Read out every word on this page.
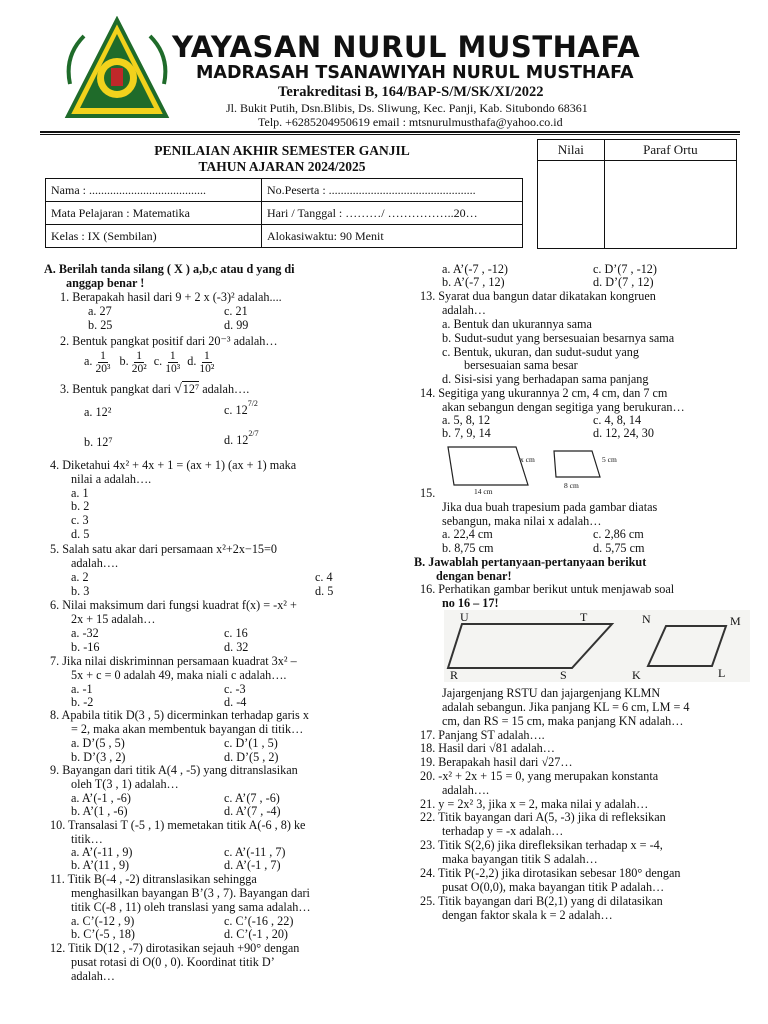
YAYASAN NURUL MUSTHAFA
MADRASAH TSANAWIYAH NURUL MUSTHAFA
Terakreditasi B, 164/BAP-S/M/SK/XI/2022
Jl. Bukit Putih, Dsn.Blibis, Ds. Sliwung, Kec. Panji, Kab. Situbondo 68361
Telp. +6285204950619 email : mtsnurulmusthafa@yahoo.co.id
PENILAIAN AKHIR SEMESTER GANJIL
TAHUN AJARAN 2024/2025
Nama : .......................................	No.Peserta : .................................................
Mata Pelajaran : Matematika	Hari / Tanggal : ………/ ……………..20…
Kelas : IX (Sembilan)	Alokasiwaktu: 90 Menit
Nilai	Paraf Ortu

A. Berilah tanda silang ( X ) a,b,c atau d yang di
anggap benar !
1. Berapakah hasil dari 9 + 2 x (-3)² adalah....
a. 27	c. 21
b. 25	d. 99
2. Bentuk pangkat positif dari 20⁻³ adalah…
a. $\frac{1}{\text{20³}} b$. $\frac{1}{\text{20²}} c$. $\frac{1}{\text{10³}} d$. $\frac{1}{\text{10²}}$
3. Bentuk pangkat dari √12⁷ adalah….
a. 12²	c. $12^{7/2}$
b. 12⁷	d. $12^{2/7}$
4. Diketahui 4x² + 4x + 1 = (ax + 1) (ax + 1) maka
nilai a adalah….
a. 1
b. 2
c. 3
d. 5
5. Salah satu akar dari persamaan x²+2x−15=0
adalah….
a. 2	c. 4
b. 3	d. 5
6. Nilai maksimum dari fungsi kuadrat f(x) = -x² +
2x + 15 adalah…
a. -32	c. 16
b. -16	d. 32
7. Jika nilai diskriminnan persamaan kuadrat 3x² –
5x + c = 0 adalah 49, maka niali c adalah….
a. -1	c. -3
b. -2	d. -4
8. Apabila titik D(3 , 5) dicerminkan terhadap garis x
= 2, maka akan membentuk bayangan di titik…
a. D’(5 , 5)	c. D’(1 , 5)
b. D’(3 , 2)	d. D’(5 , 2)
9. Bayangan dari titik A(4 , -5) yang ditranslasikan
oleh T(3 , 1) adalah…
a. A’(-1 , -6)	c. A’(7 , -6)
b. A’(1 , -6)	d. A’(7 , -4)
10. Transalasi T (-5 , 1) memetakan titik A(-6 , 8) ke
titik…
a. A’(-11 , 9)	c. A’(-11 , 7)
b. A’(11 , 9)	d. A’(-1 , 7)
11. Titik B(-4 , -2) ditranslasikan sehingga
menghasilkan bayangan B’(3 , 7). Bayangan dari
titik C(-8 , 11) oleh translasi yang sama adalah…
a. C’(-12 , 9)	c. C’(-16 , 22)
b. C’(-5 , 18)	d. C’(-1 , 20)
12. Titik D(12 , -7) dirotasikan sejauh +90° dengan
pusat rotasi di O(0 , 0). Koordinat titik D’
adalah…
a. A’(-7 , -12)	c. D’(7 , -12)
b. A’(-7 , 12)	d. D’(7 , 12)
13. Syarat dua bangun datar dikatakan kongruen
adalah…
a. Bentuk dan ukurannya sama
b. Sudut-sudut yang bersesuaian besarnya sama
c. Bentuk, ukuran, dan sudut-sudut yang
bersesuaian sama besar
d. Sisi-sisi yang berhadapan sama panjang
14. Segitiga yang ukurannya 2 cm, 4 cm, dan 7 cm
akan sebangun dengan segitiga yang berukuran…
a. 5, 8, 12	c. 4, 8, 14
b. 7, 9, 14	d. 12, 24, 30
x cm
14 cm
5 cm
8 cm
15.
Jika dua buah trapesium pada gambar diatas
sebangun, maka nilai x adalah…
a. 22,4 cm	c. 2,86 cm
b. 8,75 cm	d. 5,75 cm
B. Jawablah pertanyaan-pertanyaan berikut
dengan benar!
16. Perhatikan gambar berikut untuk menjawab soal
no 16 – 17!
U	T
R	S
N	M
K	L
Jajargenjang RSTU dan jajargenjang KLMN
adalah sebangun. Jika panjang KL = 6 cm, LM = 4
cm, dan RS = 15 cm, maka panjang KN adalah…
17. Panjang ST adalah….
18. Hasil dari √81 adalah…
19. Berapakah hasil dari √27…
20. -x² + 2x + 15 = 0, yang merupakan konstanta
adalah….
21. y = 2x² 3, jika x = 2, maka nilai y adalah…
22. Titik bayangan dari A(5, -3) jika di refleksikan
terhadap y = -x adalah…
23. Titik S(2,6) jika direfleksikan terhadap x = -4,
maka bayangan titik S adalah…
24. Titik P(-2,2) jika dirotasikan sebesar 180° dengan
pusat O(0,0), maka bayangan titik P adalah…
25. Titik bayangan dari B(2,1) yang di dilatasikan
dengan faktor skala k = 2 adalah…
